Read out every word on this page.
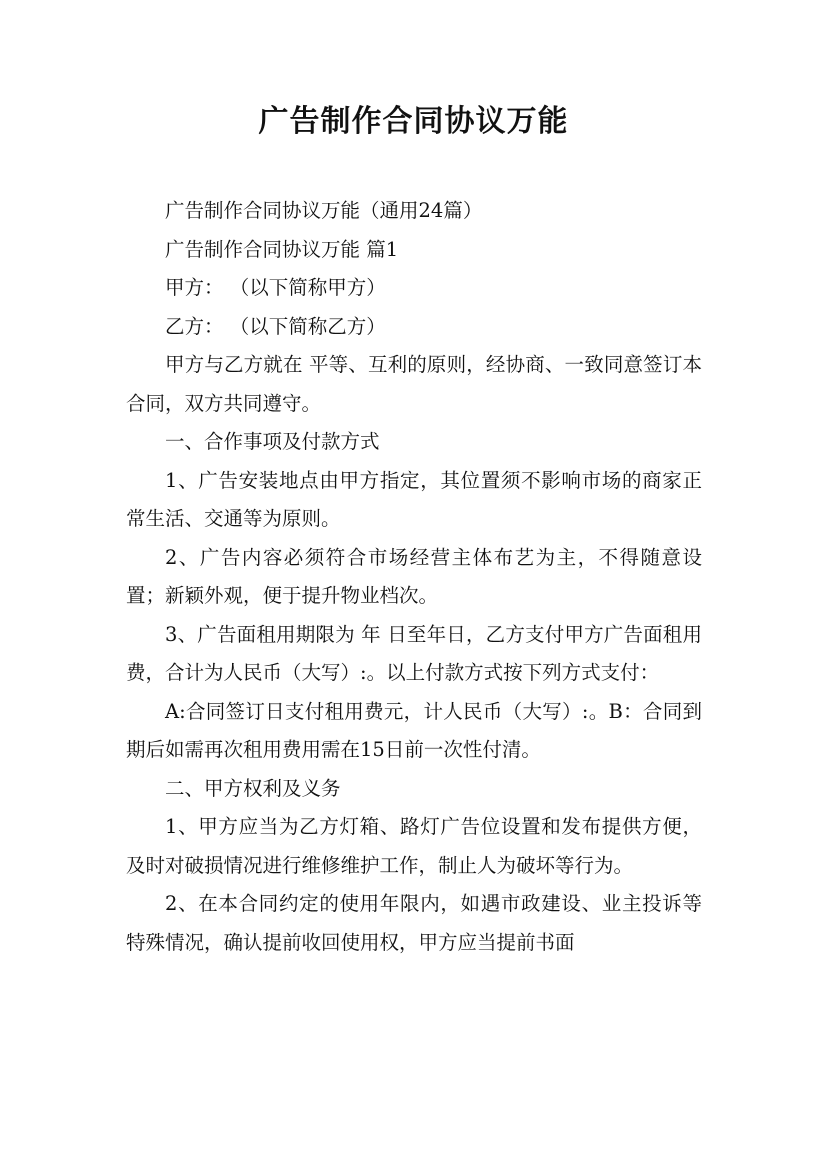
广告制作合同协议万能

广告制作合同协议万能（通用24篇）

广告制作合同协议万能 篇1

甲方： （以下简称甲方）

乙方： （以下简称乙方）

甲方与乙方就在 平等、互利的原则，经协商、一致同意签订本合同，双方共同遵守。

一、合作事项及付款方式

1、广告安装地点由甲方指定，其位置须不影响市场的商家正常生活、交通等为原则。

2、广告内容必须符合市场经营主体布艺为主，不得随意设置；新颖外观，便于提升物业档次。

3、广告面租用期限为 年 日至年日，乙方支付甲方广告面租用费，合计为人民币（大写）:。以上付款方式按下列方式支付：

A:合同签订日支付租用费元，计人民币（大写）:。B：合同到期后如需再次租用费用需在15日前一次性付清。

二、甲方权利及义务

1、甲方应当为乙方灯箱、路灯广告位设置和发布提供方便，及时对破损情况进行维修维护工作，制止人为破坏等行为。

2、在本合同约定的使用年限内，如遇市政建设、业主投诉等特殊情况，确认提前收回使用权，甲方应当提前书面
